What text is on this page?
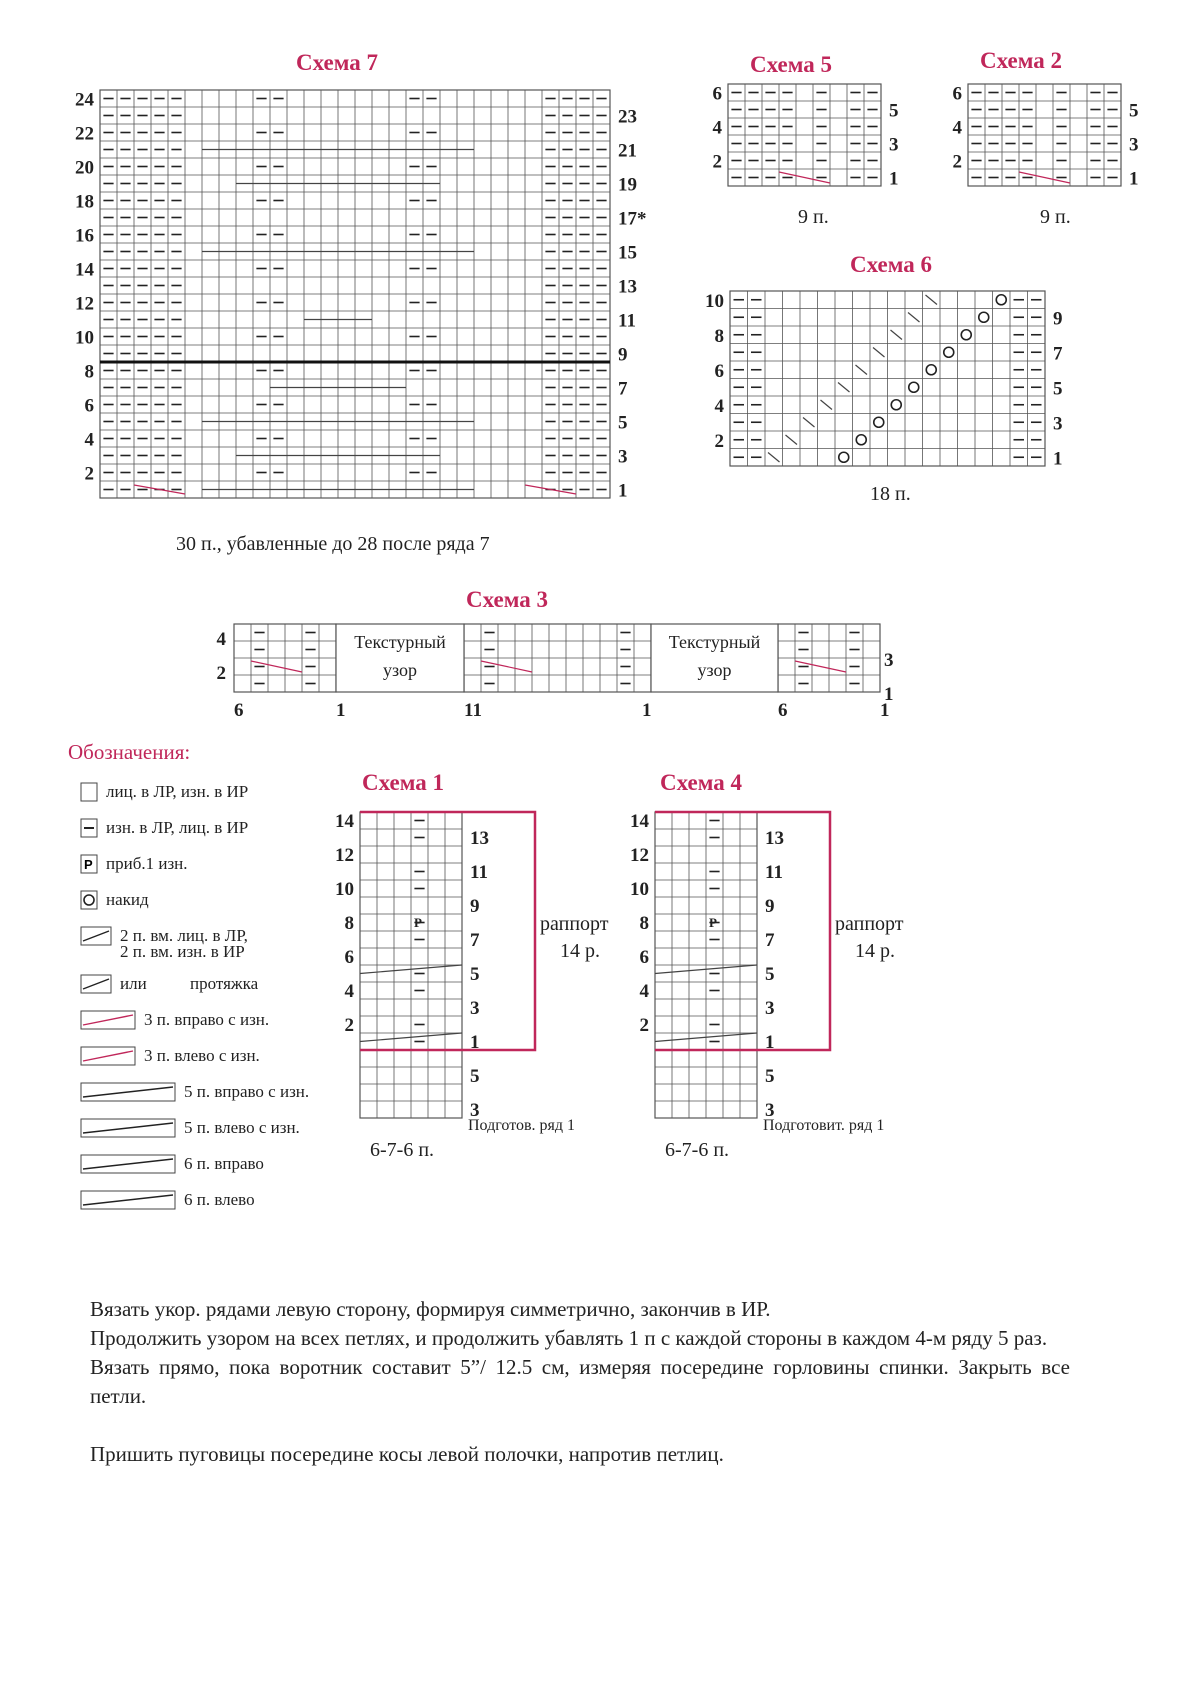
Схема 7
1
2
3
4
5
6
7
8
9
10
11
12
13
14
15
16
17*
18
19
20
21
22
23
24
30 п., убавленные до 28 после ряда 7
Схема 5
1
2
3
4
5
6
9 п.
Схема 2
1
2
3
4
5
6
9 п.
Схема 6
1
2
3
4
5
6
7
8
9
10
18 п.
Схема 3
Текстурный
узор
Текстурный
узор
4
2
3
1
6	1	11	1	6	1
Обозначения:
лиц. в ЛР, изн. в ИР
изн. в ЛР, лиц. в ИР
P приб.1 изн.
накид
2 п. вм. лиц. в ЛР,
2 п. вм. изн. в ИР
или	протяжка
3 п. вправо с изн.
3 п. влево с изн.
5 п. вправо с изн.
5 п. влево с изн.
6 п. вправо
6 п. влево
Схема 1
P	раппорт
14 р.
14
12
10
8
6
4
2
13
11
9
7
5
3
1
5
3
Подготов. ряд 1
6-7-6 п.
Схема 4
P	раппорт
14 р.
14
12
10
8
6
4
2
13
11
9
7
5
3
1
5
3
Подготовит. ряд 1
6-7-6 п.

Вязать укор. рядами левую сторону, формируя симметрично, закончив в ИР.

Продолжить узором на всех петлях, и продолжить убавлять 1 п с каждой стороны в каждом 4-м ряду 5 раз.

Вязать прямо, пока воротник составит 5”/ 12.5 см, измеряя посередине горловины спинки. Закрыть все петли.

Пришить пуговицы посередине косы левой полочки, напротив петлиц.
